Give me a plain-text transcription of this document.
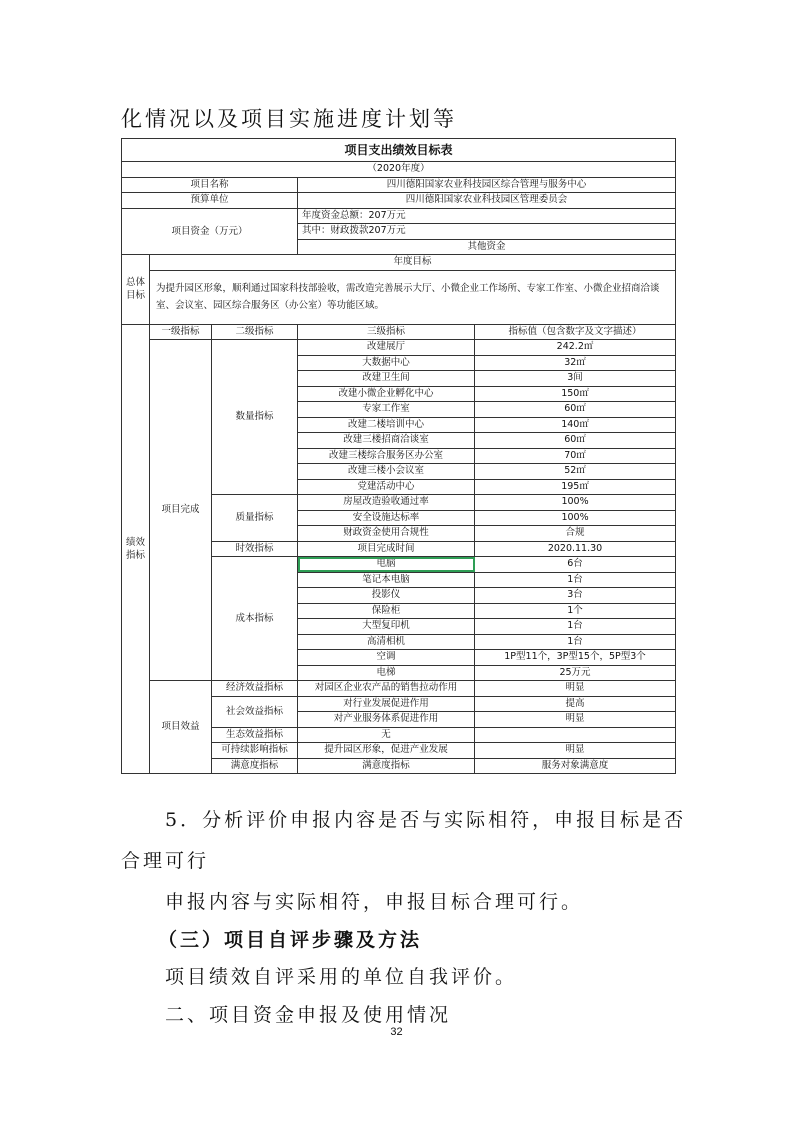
化情况以及项目实施进度计划等
项目支出绩效目标表					
（2020年度）					
项目名称			四川德阳国家农业科技园区综合管理与服务中心		
预算单位			四川德阳国家农业科技园区管理委员会		
项目资金（万元）			年度资金总额：207万元		
			其中：财政拨款207万元		
			其他资金		
总体目标	年度目标				
	为提升园区形象，顺利通过国家科技部验收，需改造完善展示大厅、小微企业工作场所、专家工作室、小微企业招商洽谈室、会议室、园区综合服务区（办公室）等功能区域。				
绩效指标	一级指标	二级指标	三级指标	指标值（包含数字及文字描述）	
	项目完成	数量指标	改建展厅	242.2㎡	
			大数据中心	32㎡	
			改建卫生间	3间	
			改建小微企业孵化中心	150㎡	
			专家工作室	60㎡	
			改建二楼培训中心	140㎡	
			改建三楼招商洽谈室	60㎡	
			改建三楼综合服务区办公室	70㎡	
			改建三楼小会议室	52㎡	
			党建活动中心	195㎡	
		质量指标	房屋改造验收通过率	100%	
			安全设施达标率	100%	
			财政资金使用合规性	合规	
		时效指标	项目完成时间	2020.11.30	
		成本指标	电脑	6台	
			笔记本电脑	1台	
			投影仪	3台	
			保险柜	1个	
			大型复印机	1台	
			高清相机	1台	
			空调	1P型11个，3P型15个，5P型3个	
			电梯	25万元	
	项目效益	经济效益指标	对园区企业农产品的销售拉动作用	明显	
		社会效益指标	对行业发展促进作用	提高	
			对产业服务体系促进作用	明显	
		生态效益指标	无		
		可持续影响指标	提升园区形象，促进产业发展	明显	
		满意度指标	满意度指标	服务对象满意度	
5．分析评价申报内容是否与实际相符，申报目标是否
合理可行
申报内容与实际相符，申报目标合理可行。
（三）项目自评步骤及方法
项目绩效自评采用的单位自我评价。
二、项目资金申报及使用情况
32
